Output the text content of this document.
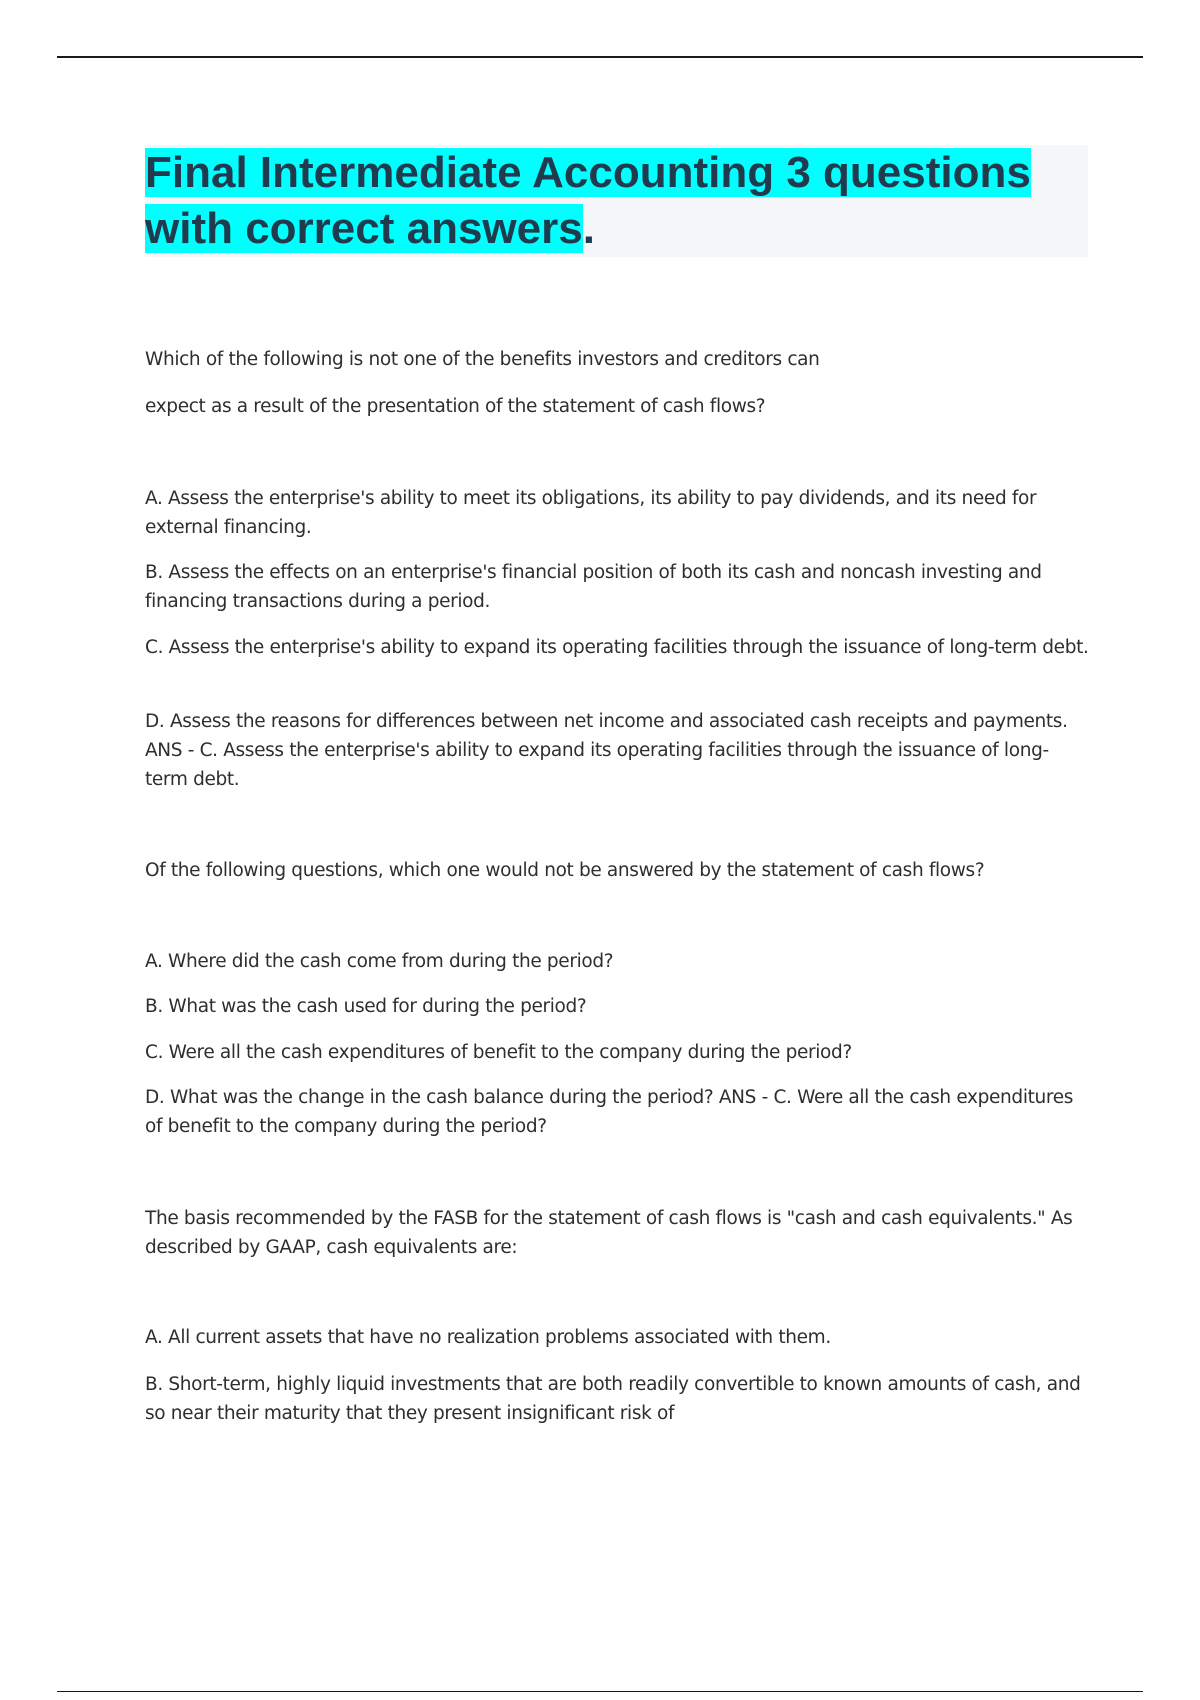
Final Intermediate Accounting 3 questions with correct answers.

Which of the following is not one of the benefits investors and creditors can

expect as a result of the presentation of the statement of cash flows?

A. Assess the enterprise's ability to meet its obligations, its ability to pay dividends, and its need for external financing.

B. Assess the effects on an enterprise's financial position of both its cash and noncash investing and financing transactions during a period.

C. Assess the enterprise's ability to expand its operating facilities through the issuance of long-term debt.

D. Assess the reasons for differences between net income and associated cash receipts and payments. ANS - C. Assess the enterprise's ability to expand its operating facilities through the issuance of long-term debt.

Of the following questions, which one would not be answered by the statement of cash flows?

A. Where did the cash come from during the period?

B. What was the cash used for during the period?

C. Were all the cash expenditures of benefit to the company during the period?

D. What was the change in the cash balance during the period? ANS - C. Were all the cash expenditures of benefit to the company during the period?

The basis recommended by the FASB for the statement of cash flows is "cash and cash equivalents." As described by GAAP, cash equivalents are:

A. All current assets that have no realization problems associated with them.

B. Short-term, highly liquid investments that are both readily convertible to known amounts of cash, and so near their maturity that they present insignificant risk of
